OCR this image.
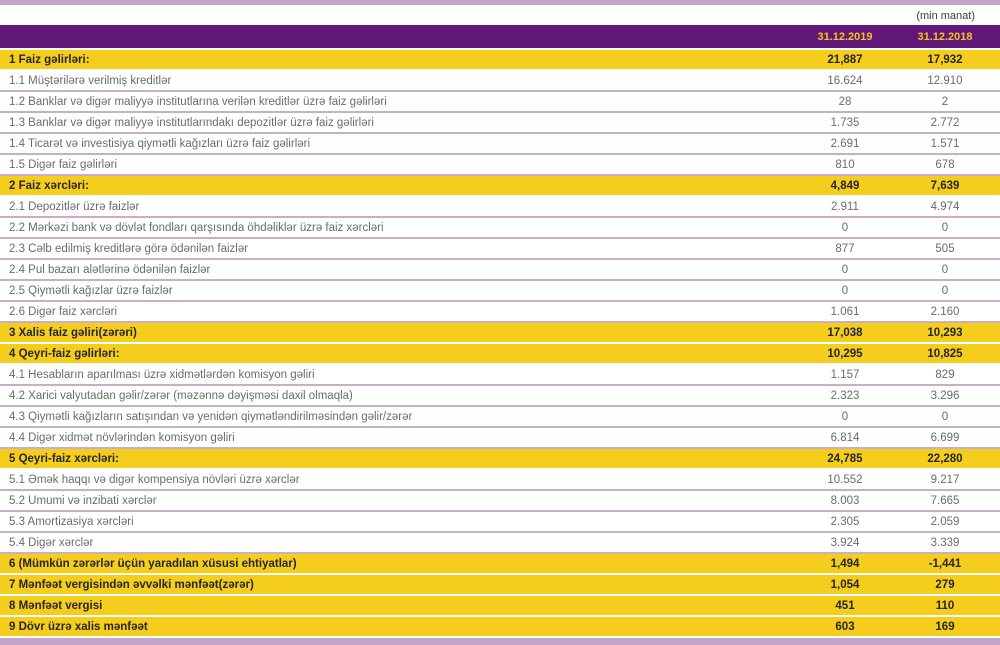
(min manat)
31.12.2019	31.12.2018
1 Faiz gəlirləri:	21,887	17,932
1.1 Müştərilərə verilmiş kreditlər	16.624	12.910
1.2 Banklar və digər maliyyə institutlarına verilən kreditlər üzrə faiz gəlirləri	28	2
1.3 Banklar və digər maliyyə institutlarındakı depozitlər üzrə faiz gəlirləri	1.735	2.772
1.4 Ticarət və investisiya qiymətli kağızları üzrə faiz gəlirləri	2.691	1.571
1.5 Digər faiz gəlirləri	810	678
2 Faiz xərcləri:	4,849	7,639
2.1 Depozitlər üzrə faizlər	2.911	4.974
2.2 Mərkəzi bank və dövlət fondları qarşısında öhdəliklər üzrə faiz xərcləri	0	0
2.3 Cəlb edilmiş kreditlərə görə ödənilən faizlər	877	505
2.4 Pul bazarı alətlərinə ödənilən faizlər	0	0
2.5 Qiymətli kağızlar üzrə faizlər	0	0
2.6 Digər faiz xərcləri	1.061	2.160
3 Xalis faiz gəliri(zərəri)	17,038	10,293
4 Qeyri-faiz gəlirləri:	10,295	10,825
4.1 Hesabların aparılması üzrə xidmətlərdən komisyon gəliri	1.157	829
4.2 Xarici valyutadan gəlir/zərər (məzənnə dəyişməsi daxil olmaqla)	2.323	3.296
4.3 Qiymətli kağızların satışından və yenidən qiymətləndirilməsindən gəlir/zərər	0	0
4.4 Digər xidmət növlərindən komisyon gəliri	6.814	6.699
5 Qeyri-faiz xərcləri:	24,785	22,280
5.1 Əmək haqqı və digər kompensiya növləri üzrə xərclər	10.552	9.217
5.2 Ümumi və inzibati xərclər	8.003	7.665
5.3 Amortizasiya xərcləri	2.305	2.059
5.4 Digər xərclər	3.924	3.339
6 (Mümkün zərərlər üçün yaradılan xüsusi ehtiyatlar)	1,494	-1,441
7 Mənfəət vergisindən əvvəlki mənfəət(zərər)	1,054	279
8 Mənfəət vergisi	451	110
9 Dövr üzrə xalis mənfəət	603	169
